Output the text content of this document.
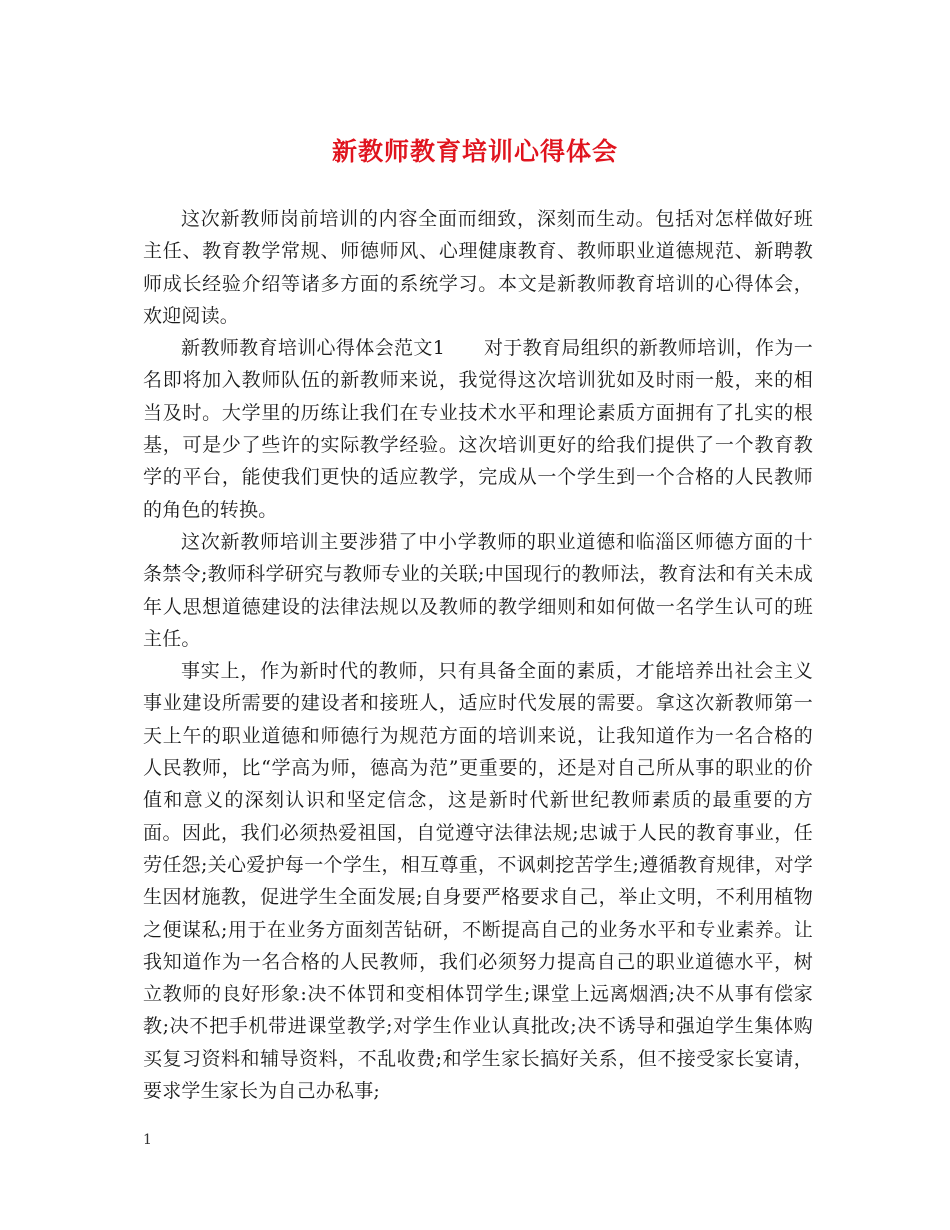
新教师教育培训心得体会

这次新教师岗前培训的内容全面而细致，深刻而生动。包括对怎样做好班主任、教育教学常规、师德师风、心理健康教育、教师职业道德规范、新聘教师成长经验介绍等诸多方面的系统学习。本文是新教师教育培训的心得体会，欢迎阅读。

新教师教育培训心得体会范文1　　对于教育局组织的新教师培训，作为一名即将加入教师队伍的新教师来说，我觉得这次培训犹如及时雨一般，来的相当及时。大学里的历练让我们在专业技术水平和理论素质方面拥有了扎实的根基，可是少了些许的实际教学经验。这次培训更好的给我们提供了一个教育教学的平台，能使我们更快的适应教学，完成从一个学生到一个合格的人民教师的角色的转换。

这次新教师培训主要涉猎了中小学教师的职业道德和临淄区师德方面的十条禁令;教师科学研究与教师专业的关联;中国现行的教师法，教育法和有关未成年人思想道德建设的法律法规以及教师的教学细则和如何做一名学生认可的班主任。

事实上，作为新时代的教师，只有具备全面的素质，才能培养出社会主义事业建设所需要的建设者和接班人，适应时代发展的需要。拿这次新教师第一天上午的职业道德和师德行为规范方面的培训来说，让我知道作为一名合格的人民教师，比“学高为师，德高为范”更重要的，还是对自己所从事的职业的价值和意义的深刻认识和坚定信念，这是新时代新世纪教师素质的最重要的方面。因此，我们必须热爱祖国，自觉遵守法律法规;忠诚于人民的教育事业，任劳任怨;关心爱护每一个学生，相互尊重，不讽刺挖苦学生;遵循教育规律，对学生因材施教，促进学生全面发展;自身要严格要求自己，举止文明，不利用植物之便谋私;用于在业务方面刻苦钻研，不断提高自己的业务水平和专业素养。让我知道作为一名合格的人民教师，我们必须努力提高自己的职业道德水平，树立教师的良好形象:决不体罚和变相体罚学生;课堂上远离烟酒;决不从事有偿家教;决不把手机带进课堂教学;对学生作业认真批改;决不诱导和强迫学生集体购买复习资料和辅导资料，不乱收费;和学生家长搞好关系，但不接受家长宴请，要求学生家长为自己办私事;

1
